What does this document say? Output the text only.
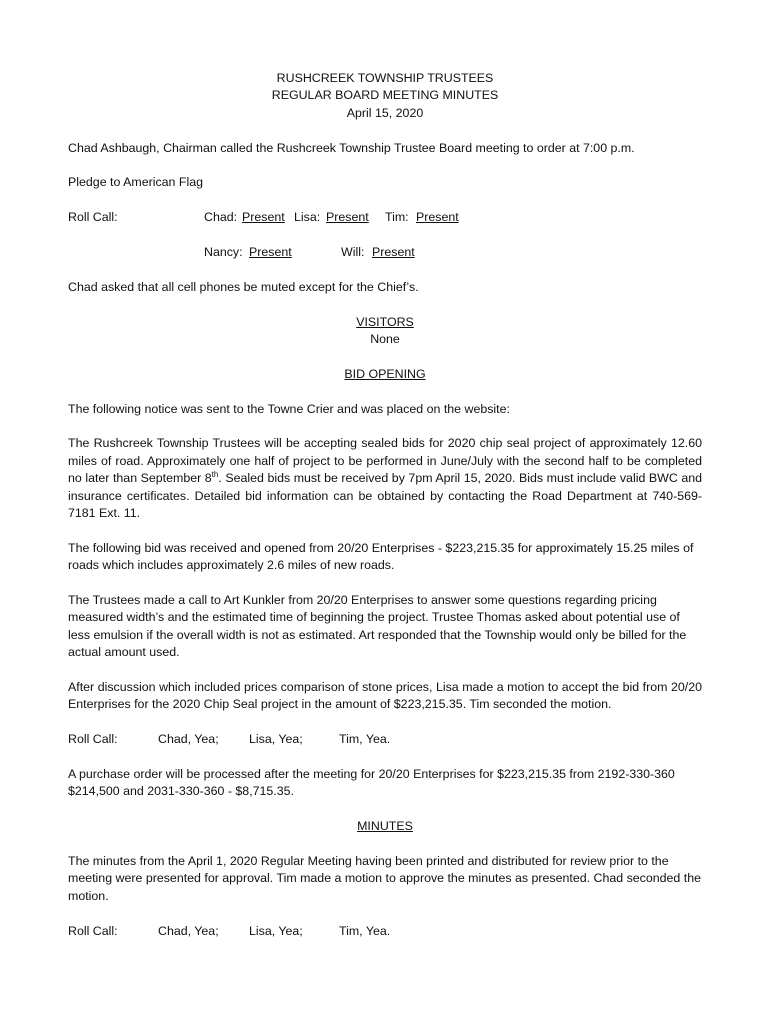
RUSHCREEK TOWNSHIP TRUSTEES
REGULAR BOARD MEETING MINUTES
April 15, 2020

Chad Ashbaugh, Chairman called the Rushcreek Township Trustee Board meeting to order at 7:00 p.m.

Pledge to American Flag

Roll Call:	Chad: Present Lisa: Present Tim: Present
Nancy: Present	Will: Present

Chad asked that all cell phones be muted except for the Chief’s.

VISITORS
None
BID OPENING

The following notice was sent to the Towne Crier and was placed on the website:

The Rushcreek Township Trustees will be accepting sealed bids for 2020 chip seal project of approximately 12.60 miles of road. Approximately one half of project to be performed in June/July with the second half to be completed no later than September 8th. Sealed bids must be received by 7pm April 15, 2020. Bids must include valid BWC and insurance certificates. Detailed bid information can be obtained by contacting the Road Department at 740-569-7181 Ext. 11.

The following bid was received and opened from 20/20 Enterprises - $223,215.35 for approximately 15.25 miles of roads which includes approximately 2.6 miles of new roads.

The Trustees made a call to Art Kunkler from 20/20 Enterprises to answer some questions regarding pricing measured width’s and the estimated time of beginning the project. Trustee Thomas asked about potential use of less emulsion if the overall width is not as estimated. Art responded that the Township would only be billed for the actual amount used.

After discussion which included prices comparison of stone prices, Lisa made a motion to accept the bid from 20/20 Enterprises for the 2020 Chip Seal project in the amount of $223,215.35. Tim seconded the motion.

Roll Call:	Chad, Yea; Lisa, Yea;	Tim, Yea.

A purchase order will be processed after the meeting for 20/20 Enterprises for $223,215.35 from 2192-330-360 $214,500 and 2031-330-360 - $8,715.35.

MINUTES

The minutes from the April 1, 2020 Regular Meeting having been printed and distributed for review prior to the meeting were presented for approval. Tim made a motion to approve the minutes as presented. Chad seconded the motion.

Roll Call:	Chad, Yea; Lisa, Yea;	Tim, Yea.
